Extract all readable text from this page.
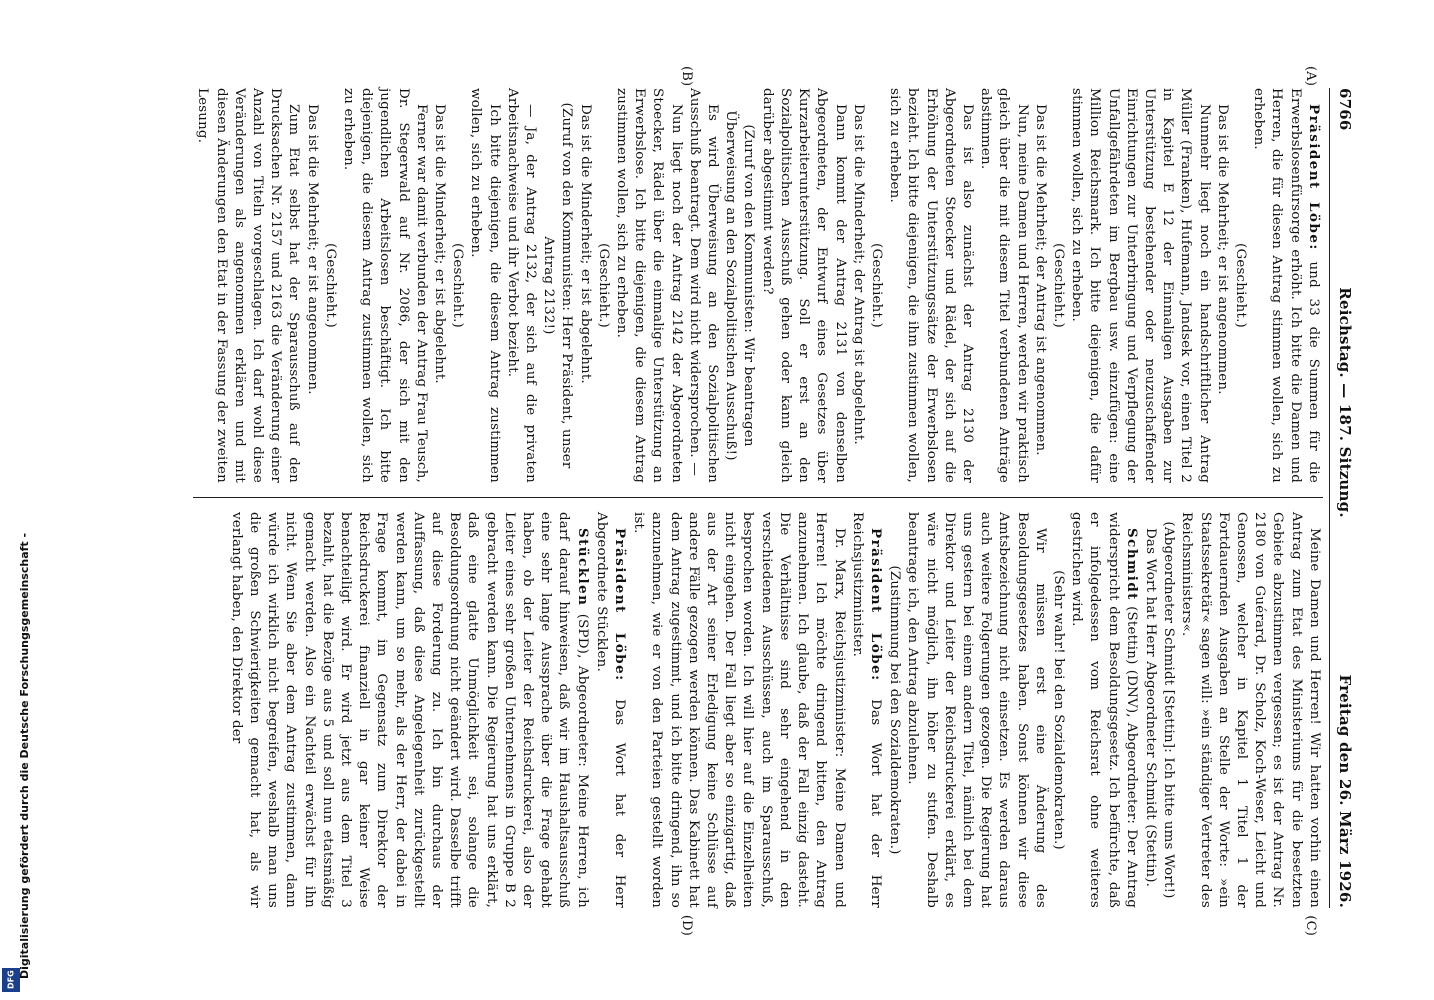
6766
Reichstag. — 187. Sitzung.
Freitag den 26. März 1926.
(A)
(B)
(C)
(D)

Präsident Löbe: und 33 die Summen für die Erwerbslosenfürsorge erhöht. Ich bitte die Damen und Herren, die für diesen Antrag stimmen wollen, sich zu erheben.

(Geschieht.)

Das ist die Mehrheit; er ist angenommen.

Nunmehr liegt noch ein handschriftlicher Antrag Müller (Franken), Hufemann, Jandsek vor, einen Titel 2 in Kapitel E 12 der Einmaligen Ausgaben zur Unterstützung bestehender oder neuzuschaffender Einrichtungen zur Unterbringung und Verpflegung der Unfallgefährdeten im Bergbau usw. einzufügen: eine Million Reichsmark. Ich bitte diejenigen, die dafür stimmen wollen, sich zu erheben.

(Geschieht.)

Das ist die Mehrheit; der Antrag ist angenommen.

Nun, meine Damen und Herren, werden wir praktisch gleich über die mit diesem Titel verbundenen Anträge abstimmen.

Das ist also zunächst der Antrag 2130 der Abgeordneten Stoecker und Rädel, der sich auf die Erhöhung der Unterstützungssätze der Erwerbslosen bezieht. Ich bitte diejenigen, die ihm zustimmen wollen, sich zu erheben.

(Geschieht.)

Das ist die Minderheit; der Antrag ist abgelehnt.

Dann kommt der Antrag 2131 von denselben Abgeordneten, der Entwurf eines Gesetzes über Kurzarbeiterunterstützung. Soll er erst an den Sozialpolitischen Ausschuß gehen oder kann gleich darüber abgestimmt werden?

(Zuruf von den Kommunisten: Wir beantragen Überweisung an den Sozialpolitischen Ausschuß!)

Es wird Überweisung an den Sozialpolitischen Ausschuß beantragt. Dem wird nicht widersprochen. —

Nun liegt noch der Antrag 2142 der Abgeordneten Stoecker, Rädel über die einmalige Unterstützung an Erwerbslose. Ich bitte diejenigen, die diesem Antrag zustimmen wollen, sich zu erheben.

(Geschieht.)

Das ist die Minderheit; er ist abgelehnt.

(Zuruf von den Kommunisten: Herr Präsident, unser Antrag 2132!)

— Ja, der Antrag 2132, der sich auf die privaten Arbeitsnachweise und ihr Verbot bezieht.

Ich bitte diejenigen, die diesem Antrag zustimmen wollen, sich zu erheben.

(Geschieht.)

Das ist die Minderheit; er ist abgelehnt.

Ferner war damit verbunden der Antrag Frau Teusch, Dr. Stegerwald auf Nr. 2086, der sich mit den jugendlichen Arbeitslosen beschäftigt. Ich bitte diejenigen, die diesem Antrag zustimmen wollen, sich zu erheben.

(Geschieht.)

Das ist die Mehrheit; er ist angenommen.

Zum Etat selbst hat der Sparausschuß auf den Drucksachen Nr. 2157 und 2163 die Veränderung einer Anzahl von Titeln vorgeschlagen. Ich darf wohl diese Veränderungen als angenommen erklären und mit diesen Änderungen den Etat in der Fassung der zweiten Lesung.

Meine Damen und Herren! Wir hatten vorhin einen Antrag zum Etat des Ministeriums für die besetzten Gebiete abzustimmen vergessen; es ist der Antrag Nr. 2180 von Guérard, Dr. Scholz, Koch-Weser, Leicht und Genossen, welcher in Kapitel 1 Titel 1 der Fortdauernden Ausgaben an Stelle der Worte: »ein Staatssekretär« sagen will: »ein ständiger Vertreter des Reichsministers«.

(Abgeordneter Schmidt [Stettin]: Ich bitte ums Wort!)

Das Wort hat Herr Abgeordneter Schmidt (Stettin).

Schmidt (Stettin) (DNV), Abgeordneter: Der Antrag widerspricht dem Besoldungsgesetz. Ich befürchte, daß er infolgedessen vom Reichsrat ohne weiteres gestrichen wird.

(Sehr wahr! bei den Sozialdemokraten.)

Wir müssen erst eine Änderung des Besoldungsgesetzes haben. Sonst können wir diese Amtsbezeichnung nicht einsetzen. Es werden daraus auch weitere Folgerungen gezogen. Die Regierung hat uns gestern bei einem andern Titel, nämlich bei dem Direktor und Leiter der Reichsdruckerei erklärt, es wäre nicht möglich, ihn höher zu stufen. Deshalb beantrage ich, den Antrag abzulehnen.

(Zustimmung bei den Sozialdemokraten.)

Präsident Löbe: Das Wort hat der Herr Reichsjustizminister.

Dr. Marx, Reichsjustizminister: Meine Damen und Herren! Ich möchte dringend bitten, den Antrag anzunehmen. Ich glaube, daß der Fall einzig dasteht. Die Verhältnisse sind sehr eingehend in den verschiedenen Ausschüssen, auch im Sparausschuß, besprochen worden. Ich will hier auf die Einzelheiten nicht eingehen. Der Fall liegt aber so einzigartig, daß aus der Art seiner Erledigung keine Schlüsse auf andere Fälle gezogen werden können. Das Kabinett hat dem Antrag zugestimmt, und ich bitte dringend, ihn so anzunehmen, wie er von den Parteien gestellt worden ist.

Präsident Löbe: Das Wort hat der Herr Abgeordnete Stücklen.

Stücklen (SPD), Abgeordneter: Meine Herren, ich darf darauf hinweisen, daß wir im Haushaltsausschuß eine sehr lange Aussprache über die Frage gehabt haben, ob der Leiter der Reichsdruckerei, also der Leiter eines sehr großen Unternehmens in Gruppe B 2 gebracht werden kann. Die Regierung hat uns erklärt, daß eine glatte Unmöglichkeit sei, solange die Besoldungsordnung nicht geändert wird. Dasselbe trifft auf diese Forderung zu. Ich bin durchaus der Auffassung, daß diese Angelegenheit zurückgestellt werden kann, um so mehr, als der Herr, der dabei in Frage kommt, im Gegensatz zum Direktor der Reichsdruckerei finanziell in gar keiner Weise benachteiligt wird. Er wird jetzt aus dem Titel 3 bezahlt, hat die Bezüge aus 5 und soll nun etatsmäßig gemacht werden. Also ein Nachteil erwächst für ihn nicht. Wenn Sie aber dem Antrag zustimmen, dann würde ich wirklich nicht begreifen, weshalb man uns die großen Schwierigkeiten gemacht hat, als wir verlangt haben, den Direktor der

DFG
Digitalisierung gefördert durch die Deutsche Forschungsgemeinschaft -
